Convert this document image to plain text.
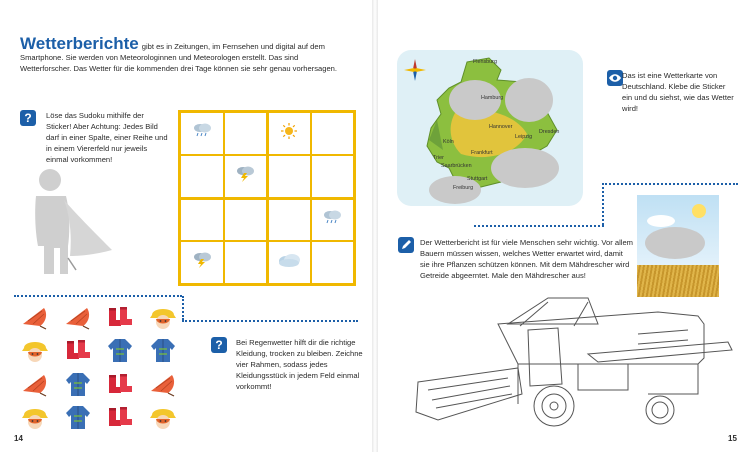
Wetterberichte gibt es in Zeitungen, im Fernsehen und digital auf dem Smartphone. Sie werden von Meteorologinnen und Meteorologen erstellt. Das sind Wetterforscher. Das Wetter für die kommenden drei Tage können sie sehr genau vorhersagen.
?	Löse das Sudoku mithilfe der Sticker! Aber Achtung: Jedes Bild darf in einer Spalte, einer Reihe und in einem Viererfeld nur jeweils einmal vorkommen!
?	Bei Regenwetter hilft dir die richtige Kleidung, trocken zu bleiben. Zeichne vier Rahmen, sodass jedes Kleidungsstück in jedem Feld einmal vorkommt!
14
Flensburg
Hamburg
Hannover
Leipzig
Dresden
Köln
Frankfurt
Trier
Saarbrücken
Stuttgart
Freiburg
Das ist eine Wetterkarte von Deutschland. Klebe die Sticker ein und du siehst, wie das Wetter wird!
Der Wetterbericht ist für viele Menschen sehr wichtig. Vor allem Bauern müssen wissen, welches Wetter erwartet wird, damit sie ihre Pflanzen schützen können. Mit dem Mähdrescher wird Getreide abgeerntet. Male den Mähdrescher aus!
15
